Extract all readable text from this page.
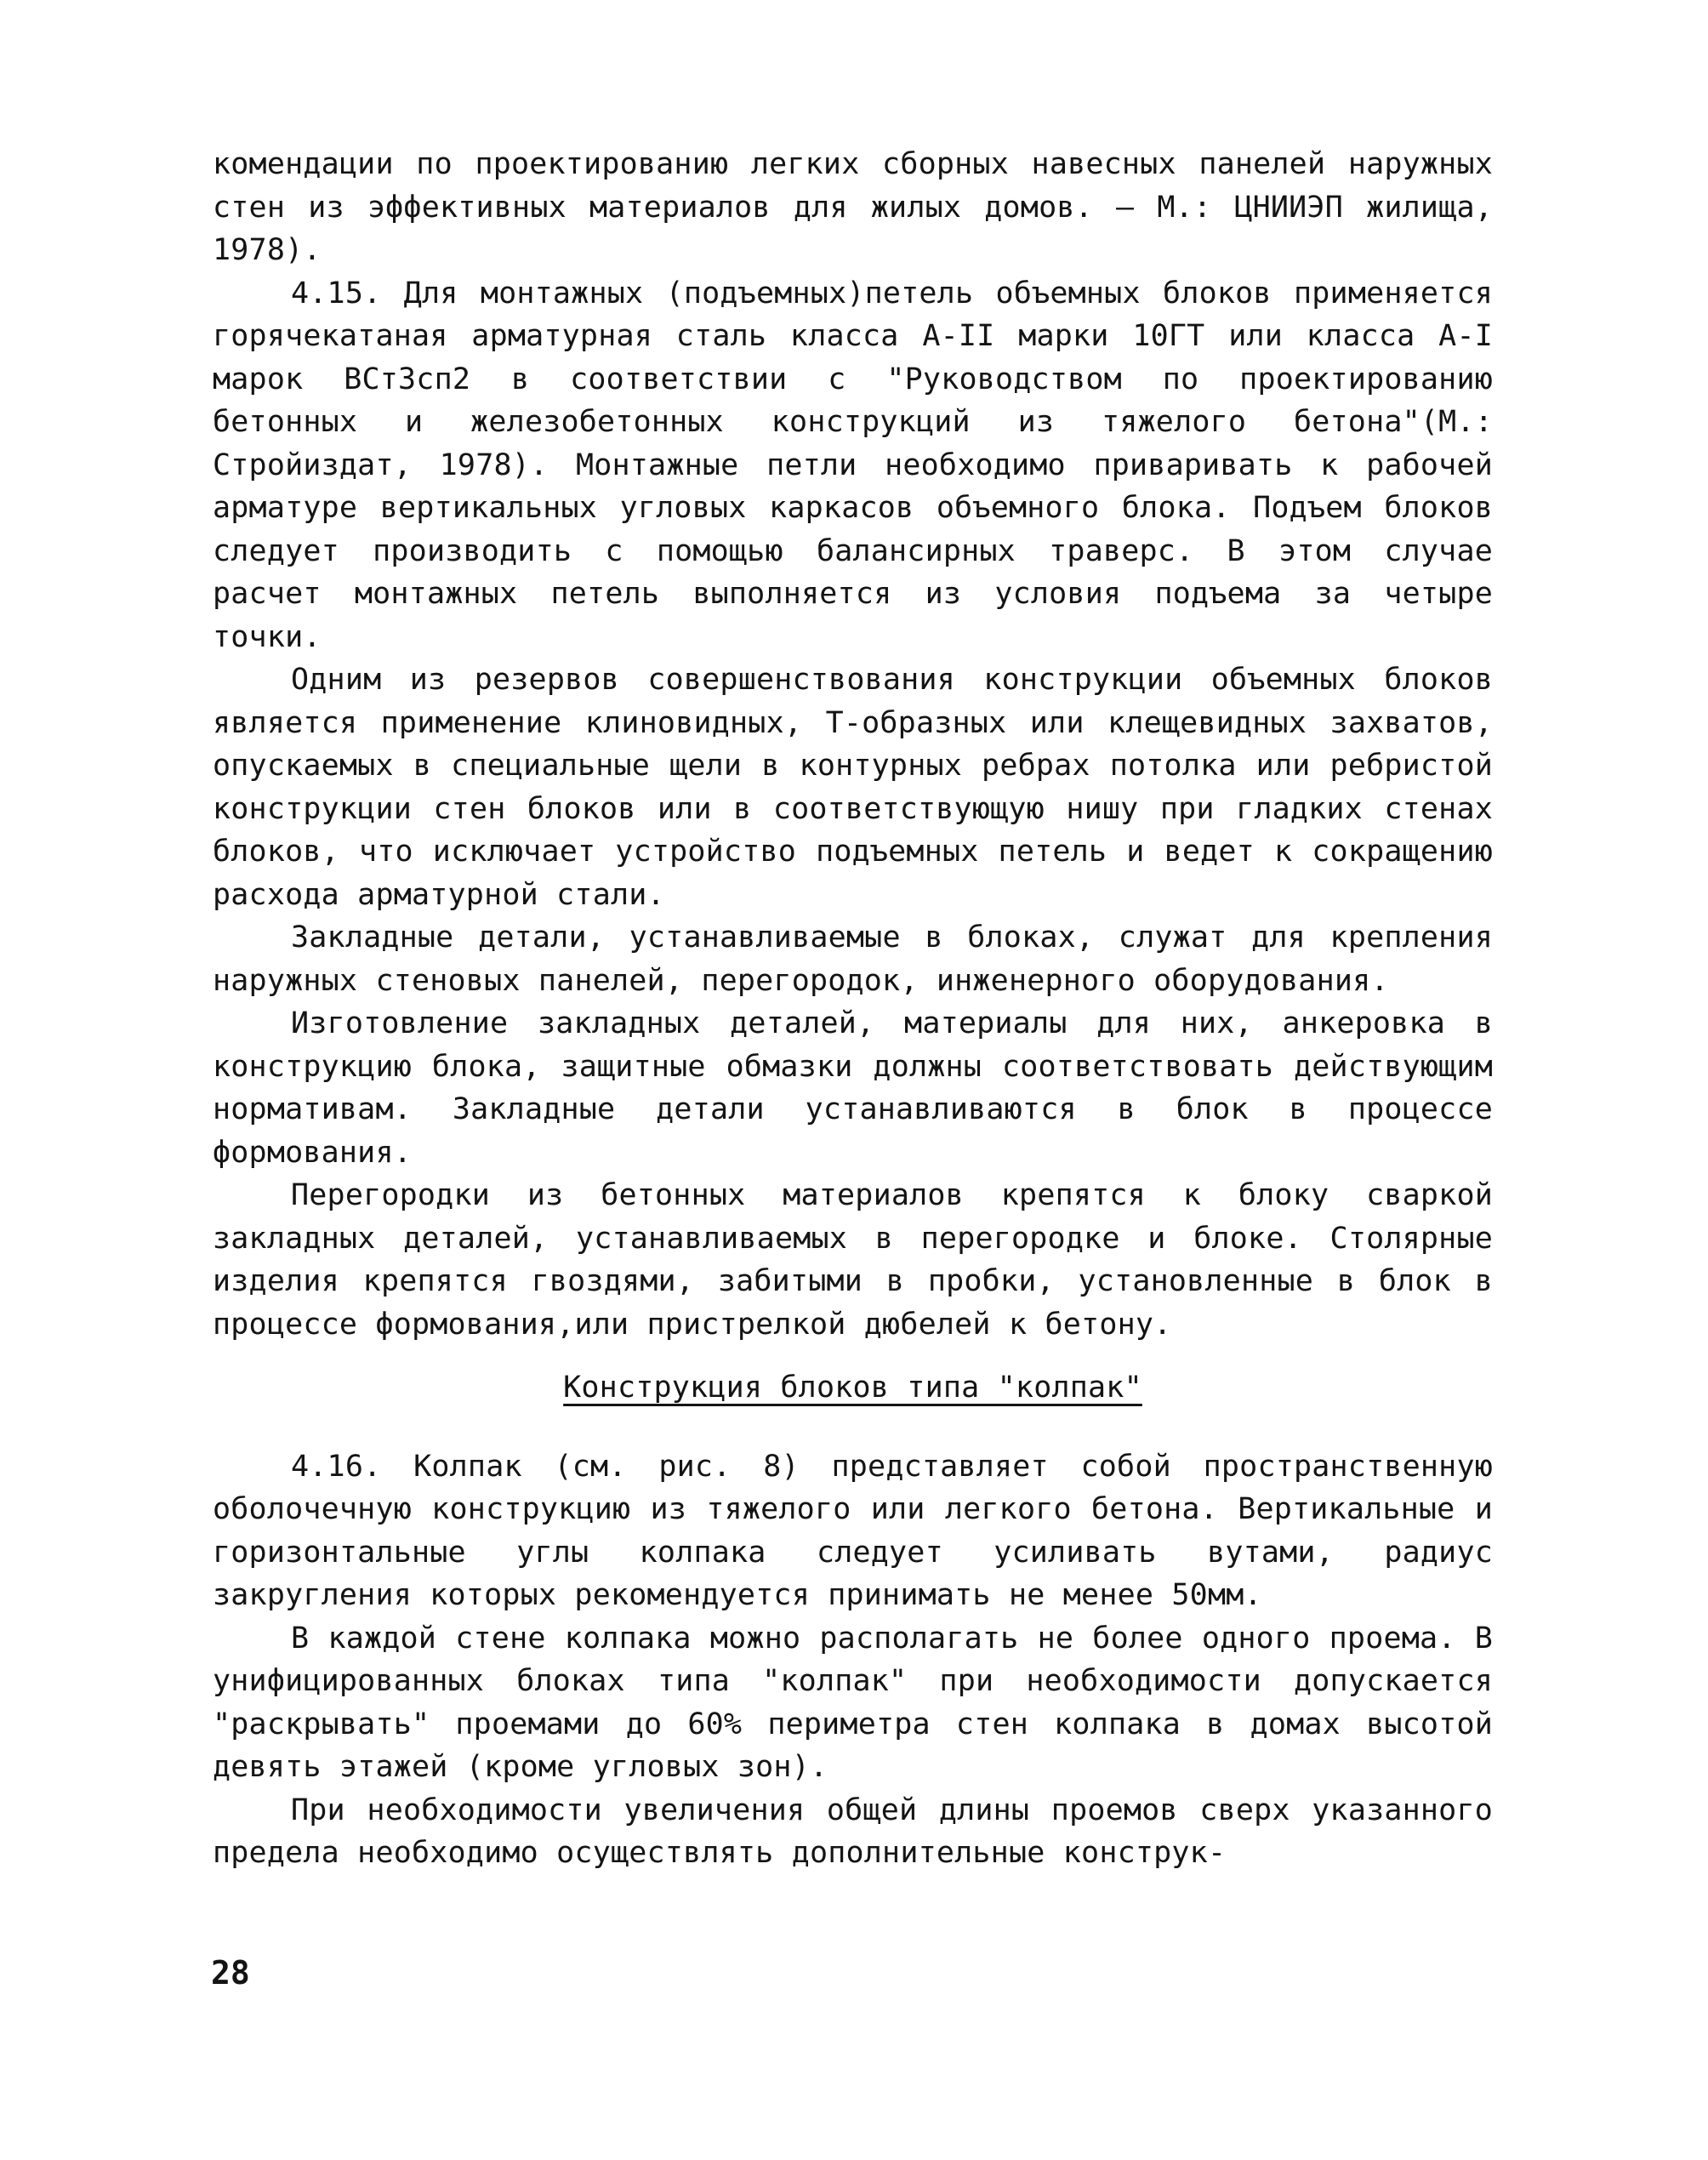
комендации по проектированию легких сборных навесных панелей наружных стен из эффективных материалов для жилых домов. – М.: ЦНИИЭП жилища, 1978).

4.15. Для монтажных (подъемных)петель объемных блоков применяется горячекатаная арматурная сталь класса А-II марки 10ГТ или класса А-I марок ВСт3сп2 в соответствии с "Руководством по проектированию бетонных и железобетонных конструкций из тяжелого бетона"(М.: Стройиздат, 1978). Монтажные петли необходимо приваривать к рабочей арматуре вертикальных угловых каркасов объемного блока. Подъем блоков следует производить с помощью балансирных траверс. В этом случае расчет монтажных петель выполняется из условия подъема за четыре точки.

Одним из резервов совершенствования конструкции объемных блоков является применение клиновидных, Т-образных или клещевидных захватов, опускаемых в специальные щели в контурных ребрах потолка или ребристой конструкции стен блоков или в соответствующую нишу при гладких стенах блоков, что исключает устройство подъемных петель и ведет к сокращению расхода арматурной стали.

Закладные детали, устанавливаемые в блоках, служат для крепления наружных стеновых панелей, перегородок, инженерного оборудования.

Изготовление закладных деталей, материалы для них, анкеровка в конструкцию блока, защитные обмазки должны соответствовать действующим нормативам. Закладные детали устанавливаются в блок в процессе формования.

Перегородки из бетонных материалов крепятся к блоку сваркой закладных деталей, устанавливаемых в перегородке и блоке. Столярные изделия крепятся гвоздями, забитыми в пробки, установленные в блок в процессе формования,или пристрелкой дюбелей к бетону.

Конструкция блоков типа "колпак"

4.16. Колпак (см. рис. 8) представляет собой пространственную оболочечную конструкцию из тяжелого или легкого бетона. Вертикальные и горизонтальные углы колпака следует усиливать вутами, радиус закругления которых рекомендуется принимать не менее 50мм.

В каждой стене колпака можно располагать не более одного проема. В унифицированных блоках типа "колпак" при необходимости допускается "раскрывать" проемами до 60% периметра стен колпака в домах высотой девять этажей (кроме угловых зон).

При необходимости увеличения общей длины проемов сверх указанного предела необходимо осуществлять дополнительные конструк-

28
